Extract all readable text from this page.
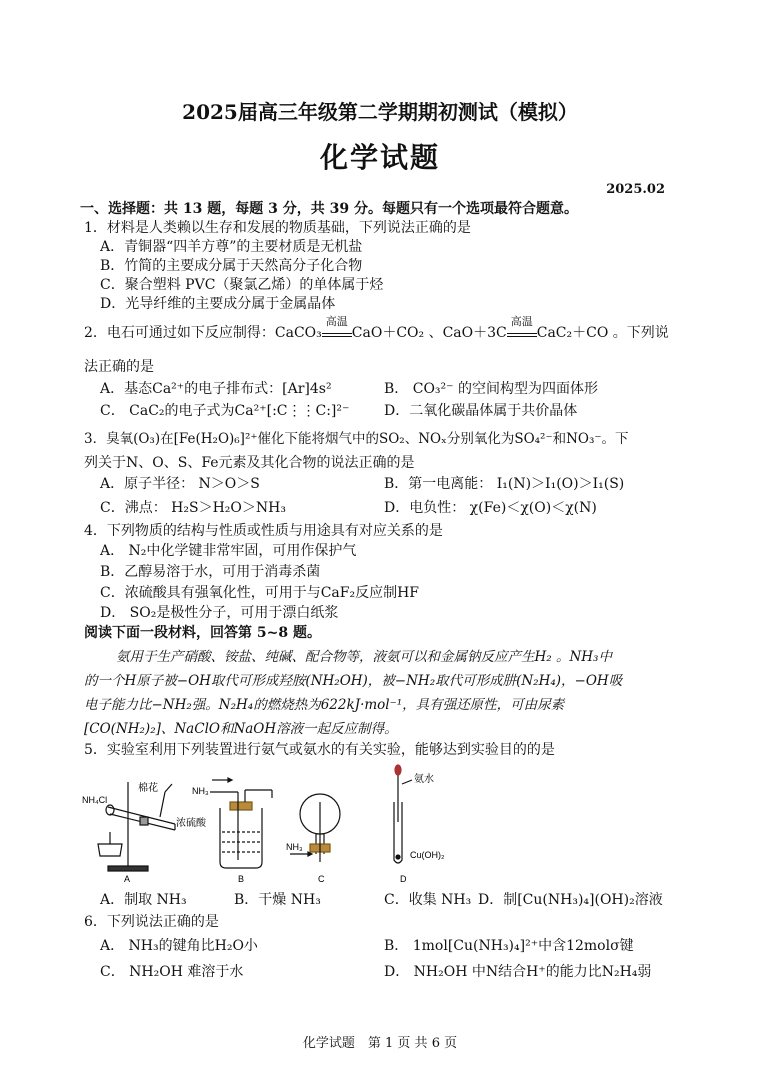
2025届高三年级第二学期期初测试（模拟）
化学试题
2025.02
一、选择题：共 13 题，每题 3 分，共 39 分。每题只有一个选项最符合题意。
1．材料是人类赖以生存和发展的物质基础，下列说法正确的是
A．青铜器“四羊方尊”的主要材质是无机盐
B．竹简的主要成分属于天然高分子化合物
C．聚合塑料 PVC（聚氯乙烯）的单体属于烃
D．光导纤维的主要成分属于金属晶体
2．电石可通过如下反应制得：CaCO₃
高温
CaO＋CO₂ 、CaO＋3C
高温
CaC₂＋CO 。下列说
法正确的是
A．基态Ca²⁺的电子排布式：[Ar]4s²	B． CO₃²⁻ 的空间构型为四面体形
C． CaC₂的电子式为Ca²⁺[:C⋮⋮C:]²⁻ D．二氧化碳晶体属于共价晶体
3．臭氧(O₃)在[Fe(H₂O)₆]²⁺催化下能将烟气中的SO₂、NOₓ分别氧化为SO₄²⁻和NO₃⁻。下
列关于N、O、S、Fe元素及其化合物的说法正确的是
A．原子半径： N＞O＞S	B．第一电离能： I₁(N)＞I₁(O)＞I₁(S)
C．沸点： H₂S＞H₂O＞NH₃	D．电负性： χ(Fe)＜χ(O)＜χ(N)
4．下列物质的结构与性质或性质与用途具有对应关系的是
A． N₂中化学键非常牢固，可用作保护气
B．乙醇易溶于水，可用于消毒杀菌
C．浓硫酸具有强氧化性，可用于与CaF₂反应制HF
D． SO₂是极性分子，可用于漂白纸浆
阅读下面一段材料，回答第 5~8 题。
氨用于生产硝酸、铵盐、纯碱、配合物等，液氨可以和金属钠反应产生H₂ 。NH₃中
的一个H原子被−OH取代可形成羟胺(NH₂OH)，被−NH₂取代可形成肼(N₂H₄)，−OH吸
电子能力比−NH₂强。N₂H₄的燃烧热为622kJ·mol⁻¹，具有强还原性，可由尿素
[CO(NH₂)₂]、NaClO和NaOH溶液一起反应制得。
5．实验室利用下列装置进行氨气或氨水的有关实验，能够达到实验目的的是
NH₄Cl
棉花
A
NH₃
浓硫酸
B
NH₃
C
氨水
Cu(OH)₂
D
A．制取 NH₃	B．干燥 NH₃	C．收集 NH₃ D．制[Cu(NH₃)₄](OH)₂溶液
6．下列说法正确的是
A． NH₃的键角比H₂O小	B． 1mol[Cu(NH₃)₄]²⁺中含12molσ键
C． NH₂OH 难溶于水	D． NH₂OH 中N结合H⁺的能力比N₂H₄弱
化学试题　第 1 页 共 6 页
